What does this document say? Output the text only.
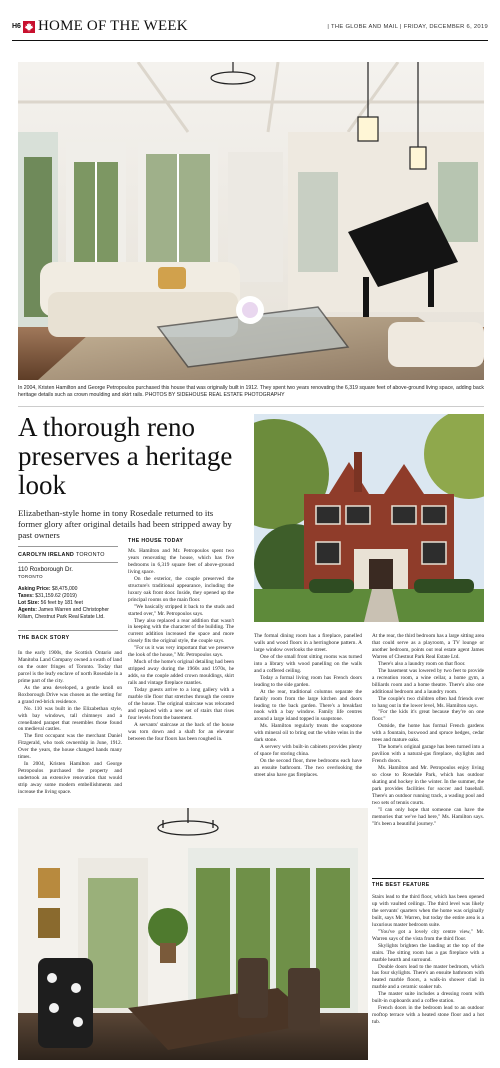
H6 HOME OF THE WEEK	| THE GLOBE AND MAIL | FRIDAY, DECEMBER 6, 2019
In 2004, Kristen Hamilton and George Petropoulos purchased this house that was originally built in 1912. They spent two years renovating the 6,319 square feet of above-ground living space, adding back heritage details such as crown moulding and skirt rails. PHOTOS BY SIDEHOUSE REAL ESTATE PHOTOGRAPHY
A thorough reno preserves a heritage look
Elizabethan-style home in tony Rosedale returned to its former glory after original details had been stripped away by past owners
CAROLYN IRELAND TORONTO
110 Roxborough Dr.
TORONTO
Asking Price: $8,475,000
Taxes: $31,159.62 (2019)
Lot Size: 56 feet by 181 feet
Agents: James Warren and Christopher Killam, Chestnut Park Real Estate Ltd.
THE BACK STORY

In the early 1900s, the Scottish Ontario and Manitoba Land Company owned a swath of land on the outer fringes of Toronto. Today that parcel is the leafy enclave of north Rosedale in a prime part of the city.

As the area developed, a gentle knoll on Roxborough Drive was chosen as the setting for a grand red-brick residence.

No. 110 was built in the Elizabethan style, with bay windows, tall chimneys and a crenellated parapet that resembles those found on medieval castles.

The first occupant was the merchant Daniel Fitzgerald, who took ownership in June, 1912. Over the years, the house changed hands many times.

In 2004, Kristen Hamilton and George Petropoulos purchased the property and undertook an extensive renovation that would strip away some modern embellishments and increase the living space.

THE HOUSE TODAY

Ms. Hamilton and Mr. Petropoulos spent two years renovating the house, which has five bedrooms in 6,319 square feet of above-ground living space.

On the exterior, the couple preserved the structure's traditional appearance, including the luxury oak front door. Inside, they opened up the principal rooms on the main floor.

"We basically stripped it back to the studs and started over," Mr. Petropoulos says.

They also replaced a rear addition that wasn't in keeping with the character of the building. The current addition increased the space and more closely fits the original style, the couple says.

"For us it was very important that we preserve the look of the house," Mr. Petropoulos says.

Much of the home's original detailing had been stripped away during the 1960s and 1970s, he adds, so the couple added crown mouldings, skirt rails and vintage fireplace mantles.

Today guests arrive to a long gallery with a marble tile floor that stretches through the centre of the house. The original staircase was relocated and replaced with a new set of stairs that rises four levels from the basement.

A servants' staircase at the back of the house was torn down and a shaft for an elevator between the four floors has been roughed in.

The formal dining room has a fireplace, panelled walls and wood floors in a herringbone pattern. A large window overlooks the street.

One of the small front sitting rooms was turned into a library with wood panelling on the walls and a coffered ceiling.

Today a formal living room has French doors leading to the side garden.

At the rear, traditional columns separate the family room from the large kitchen and doors leading to the back garden. There's a breakfast nook with a bay window. Family life centres around a large island topped in soapstone.

Ms. Hamilton regularly treats the soapstone with mineral oil to bring out the white veins in the dark stone.

A servery with built-in cabinets provides plenty of space for storing china.

On the second floor, three bedrooms each have an ensuite bathroom. The two overlooking the street also have gas fireplaces.

At the rear, the third bedroom has a large sitting area that could serve as a playroom, a TV lounge or another bedroom, points out real estate agent James Warren of Chestnut Park Real Estate Ltd.

There's also a laundry room on that floor.

The basement was lowered by two feet to provide a recreation room, a wine cellar, a home gym, a billiards room and a home theatre. There's also one additional bedroom and a laundry room.

The couple's two children often had friends over to hang out in the lower level, Ms. Hamilton says.

"For the kids it's great because they're on one floor."

Outside, the home has formal French gardens with a fountain, boxwood and spruce hedges, cedar trees and mature oaks.

The home's original garage has been turned into a pavilion with a natural-gas fireplace, skylights and French doors.

Ms. Hamilton and Mr. Petropoulos enjoy living so close to Rosedale Park, which has outdoor skating and hockey in the winter. In the summer, the park provides facilities for soccer and baseball. There's an outdoor running track, a wading pool and two sets of tennis courts.

"I can only hope that someone can have the memories that we've had here," Ms. Hamilton says. "It's been a beautiful journey."

THE BEST FEATURE

Stairs lead to the third floor, which has been opened up with vaulted ceilings. The third level was likely the servants' quarters when the home was originally built, says Mr. Warren, but today the entire area is a luxurious master bedroom suite.

"You've got a lovely city centre view," Mr. Warren says of the vista from the third floor.

Skylights brighten the landing at the top of the stairs. The sitting room has a gas fireplace with a marble hearth and surround.

Double doors lead to the master bedroom, which has four skylights. There's an ensuite bathroom with heated marble floors, a walk-in shower clad in marble and a ceramic soaker tub.

The master suite includes a dressing room with built-in cupboards and a coffee station.

French doors in the bedroom lead to an outdoor rooftop terrace with a heated stone floor and a hot tub.
